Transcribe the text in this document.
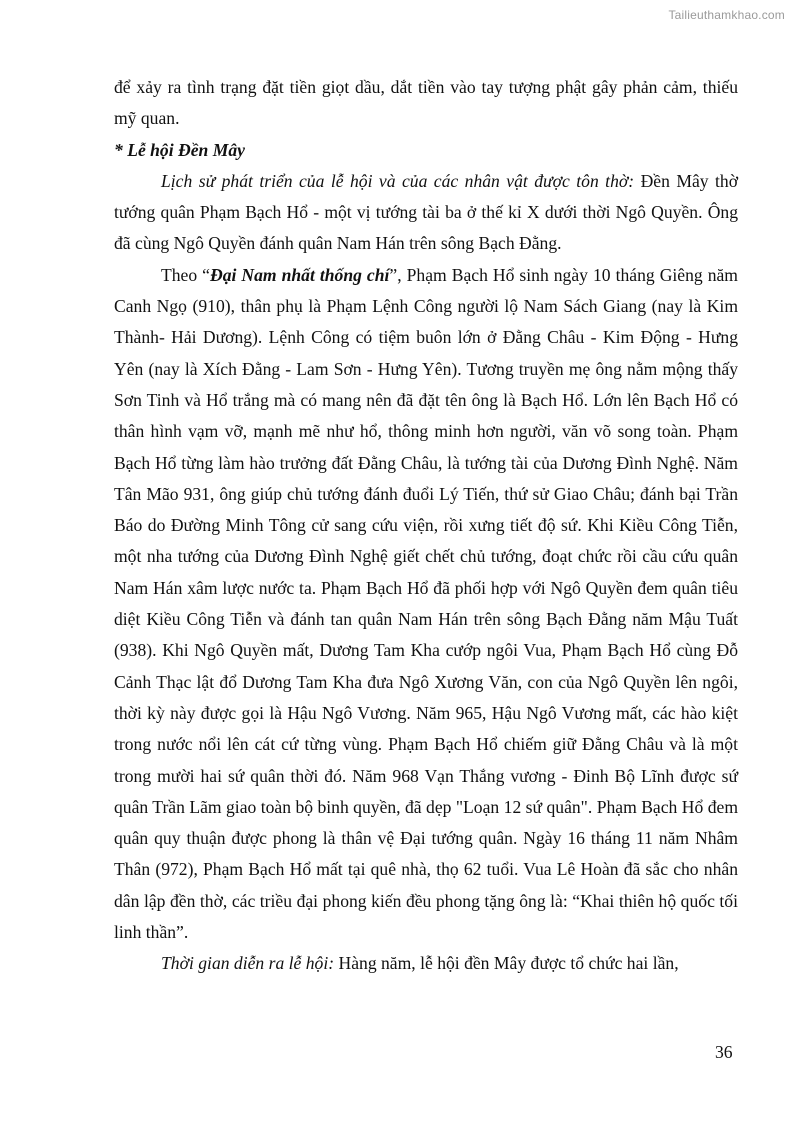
Tailieuthamkhao.com

để xảy ra tình trạng đặt tiền giọt dầu, dắt tiền vào tay tượng phật gây phản cảm, thiếu mỹ quan.

* Lễ hội Đền Mây

Lịch sử phát triển của lễ hội và của các nhân vật được tôn thờ: Đền Mây thờ tướng quân Phạm Bạch Hổ - một vị tướng tài ba ở thế kỉ X dưới thời Ngô Quyền. Ông đã cùng Ngô Quyền đánh quân Nam Hán trên sông Bạch Đằng.

Theo “Đại Nam nhất thống chí”, Phạm Bạch Hổ sinh ngày 10 tháng Giêng năm Canh Ngọ (910), thân phụ là Phạm Lệnh Công người lộ Nam Sách Giang (nay là Kim Thành- Hải Dương). Lệnh Công có tiệm buôn lớn ở Đằng Châu - Kim Động - Hưng Yên (nay là Xích Đằng - Lam Sơn - Hưng Yên). Tương truyền mẹ ông nằm mộng thấy Sơn Tinh và Hổ trắng mà có mang nên đã đặt tên ông là Bạch Hổ. Lớn lên Bạch Hổ có thân hình vạm vỡ, mạnh mẽ như hổ, thông minh hơn người, văn võ song toàn. Phạm Bạch Hổ từng làm hào trưởng đất Đằng Châu, là tướng tài của Dương Đình Nghệ. Năm Tân Mão 931, ông giúp chủ tướng đánh đuổi Lý Tiến, thứ sử Giao Châu; đánh bại Trần Báo do Đường Minh Tông cử sang cứu viện, rồi xưng tiết độ sứ. Khi Kiều Công Tiễn, một nha tướng của Dương Đình Nghệ giết chết chủ tướng, đoạt chức rồi cầu cứu quân Nam Hán xâm lược nước ta. Phạm Bạch Hổ đã phối hợp với Ngô Quyền đem quân tiêu diệt Kiều Công Tiễn và đánh tan quân Nam Hán trên sông Bạch Đằng năm Mậu Tuất (938). Khi Ngô Quyền mất, Dương Tam Kha cướp ngôi Vua, Phạm Bạch Hổ cùng Đỗ Cảnh Thạc lật đổ Dương Tam Kha đưa Ngô Xương Văn, con của Ngô Quyền lên ngôi, thời kỳ này được gọi là Hậu Ngô Vương. Năm 965, Hậu Ngô Vương mất, các hào kiệt trong nước nổi lên cát cứ từng vùng. Phạm Bạch Hổ chiếm giữ Đằng Châu và là một trong mười hai sứ quân thời đó. Năm 968 Vạn Thắng vương - Đinh Bộ Lĩnh được sứ quân Trần Lãm giao toàn bộ binh quyền, đã dẹp "Loạn 12 sứ quân". Phạm Bạch Hổ đem quân quy thuận được phong là thân vệ Đại tướng quân. Ngày 16 tháng 11 năm Nhâm Thân (972), Phạm Bạch Hổ mất tại quê nhà, thọ 62 tuổi. Vua Lê Hoàn đã sắc cho nhân dân lập đền thờ, các triều đại phong kiến đều phong tặng ông là: “Khai thiên hộ quốc tối linh thần”.

Thời gian diễn ra lễ hội: Hàng năm, lễ hội đền Mây được tổ chức hai lần,

36
